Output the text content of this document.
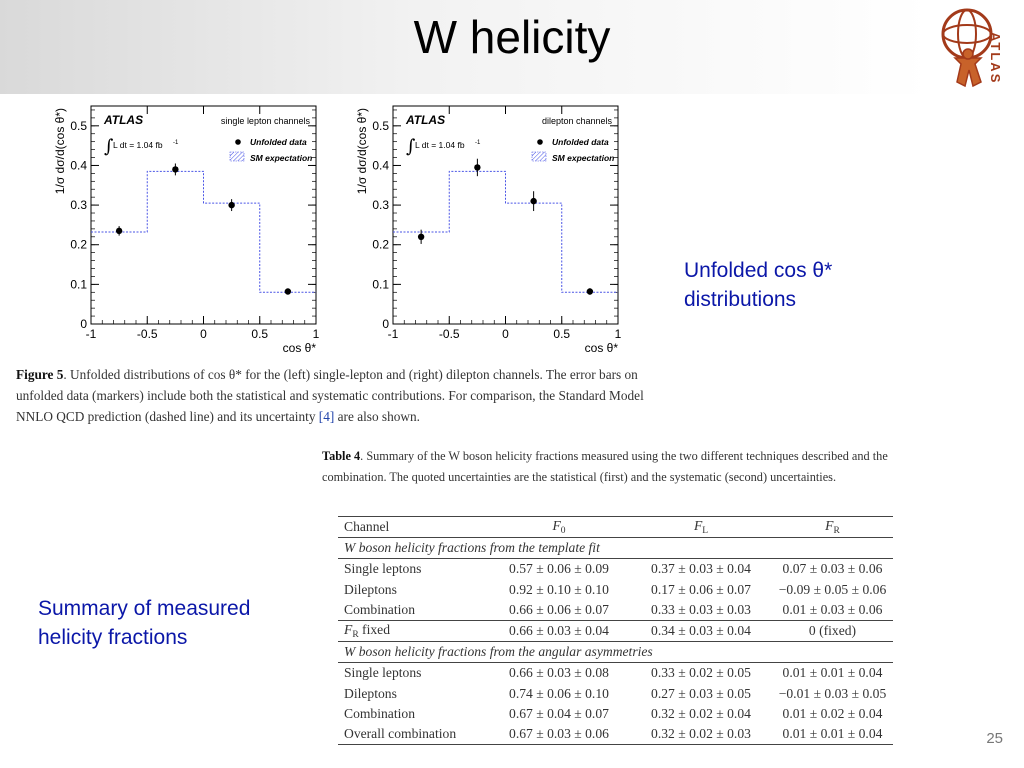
W helicity	ATLAS
0
0.1
0.2
0.3
0.4
0.5
-1	-0.5	0	0.5	1
cos θ*
1/σ dσ/d(cos θ*)	ATLAS	single lepton channels
∫ L dt = 1.04 fb -1	Unfolded data
SM expectation
0
0.1
0.2
0.3
0.4
0.5
-1	-0.5	0	0.5	1
cos θ*
1/σ dσ/d(cos θ*)	ATLAS	dilepton channels
∫ L dt = 1.04 fb -1	Unfolded data
SM expectation
Unfolded cos θ*
distributions
Summary of measured
helicity fractions
Figure 5. Unfolded distributions of cos θ* for the (left) single-lepton and (right) dilepton channels. The error bars on unfolded data (markers) include both the statistical and systematic contributions. For comparison, the Standard Model NNLO QCD prediction (dashed line) and its uncertainty [4] are also shown.
Table 4. Summary of the W boson helicity fractions measured using the two different techniques described and the combination. The quoted uncertainties are the statistical (first) and the systematic (second) uncertainties.
Channel	$F_0$	$F_L$	$F_R$
W boson helicity fractions from the template fit			
Single leptons	0.57 ± 0.06 ± 0.09	0.37 ± 0.03 ± 0.04	0.07 ± 0.03 ± 0.06
Dileptons	0.92 ± 0.10 ± 0.10	0.17 ± 0.06 ± 0.07	−0.09 ± 0.05 ± 0.06
Combination	0.66 ± 0.06 ± 0.07	0.33 ± 0.03 ± 0.03	0.01 ± 0.03 ± 0.06
$F_R$ fixed	0.66 ± 0.03 ± 0.04	0.34 ± 0.03 ± 0.04	0 (fixed)
W boson helicity fractions from the angular asymmetries			
Single leptons	0.66 ± 0.03 ± 0.08	0.33 ± 0.02 ± 0.05	0.01 ± 0.01 ± 0.04
Dileptons	0.74 ± 0.06 ± 0.10	0.27 ± 0.03 ± 0.05	−0.01 ± 0.03 ± 0.05
Combination	0.67 ± 0.04 ± 0.07	0.32 ± 0.02 ± 0.04	0.01 ± 0.02 ± 0.04
Overall combination	0.67 ± 0.03 ± 0.06	0.32 ± 0.02 ± 0.03	0.01 ± 0.01 ± 0.04	25
